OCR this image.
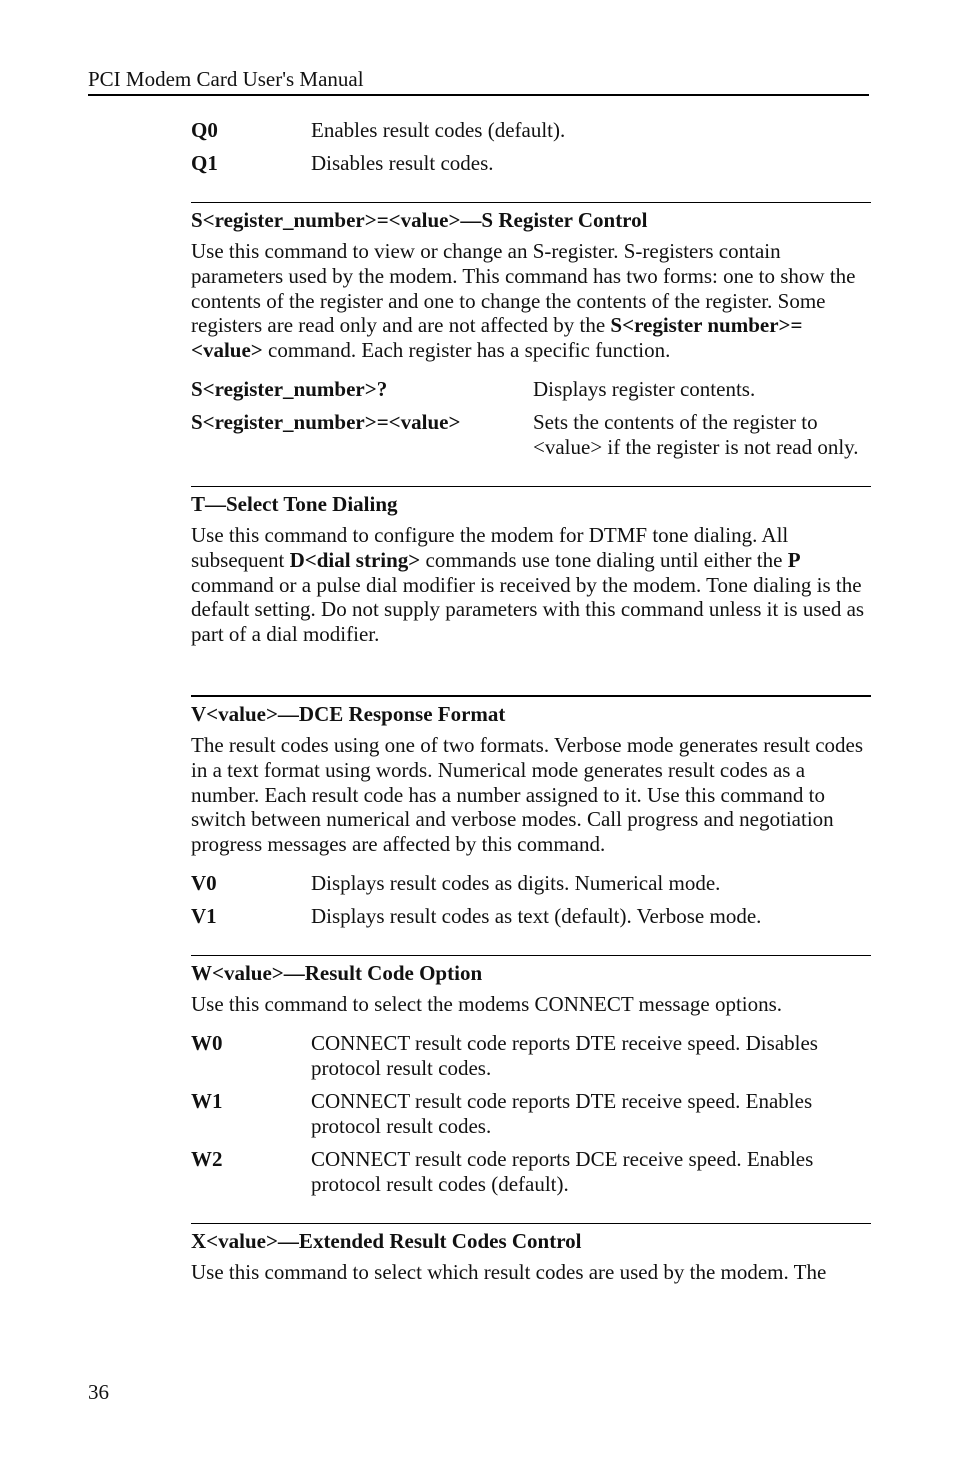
PCI Modem Card User's Manual
Q0	Enables result codes (default).
Q1	Disables result codes.
S<register_number>=<value>—S Register Control
Use this command to view or change an S-register. S-registers contain parameters used by the modem. This command has two forms: one to show the contents of the register and one to change the contents of the register. Some registers are read only and are not affected by the S<register number>=<value> command. Each register has a specific function.
S<register_number>?	Displays register contents.
S<register_number>=<value>	Sets the contents of the register to <value> if the register is not read only.
T—Select Tone Dialing
Use this command to configure the modem for DTMF tone dialing. All subsequent D<dial string> commands use tone dialing until either the P command or a pulse dial modifier is received by the modem. Tone dialing is the default setting. Do not supply parameters with this command unless it is used as part of a dial modifier.
V<value>—DCE Response Format
The result codes using one of two formats. Verbose mode generates result codes in a text format using words. Numerical mode generates result codes as a number. Each result code has a number assigned to it. Use this command to switch between numerical and verbose modes. Call progress and negotiation progress messages are affected by this command.
V0	Displays result codes as digits. Numerical mode.
V1	Displays result codes as text (default). Verbose mode.
W<value>—Result Code Option
Use this command to select the modems CONNECT message options.
W0	CONNECT result code reports DTE receive speed. Disables protocol result codes.
W1	CONNECT result code reports DTE receive speed. Enables protocol result codes.
W2	CONNECT result code reports DCE receive speed. Enables protocol result codes (default).
X<value>—Extended Result Codes Control
Use this command to select which result codes are used by the modem. The
36
